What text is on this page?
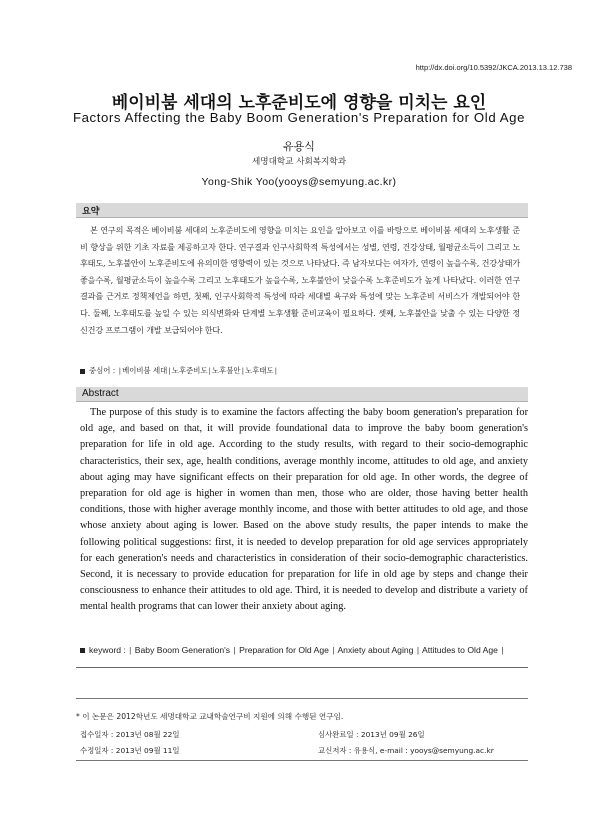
http://dx.doi.org/10.5392/JKCA.2013.13.12.738
베이비붐 세대의 노후준비도에 영향을 미치는 요인
Factors Affecting the Baby Boom Generation's Preparation for Old Age
유용식
세명대학교 사회복지학과
Yong-Shik Yoo(yooys@semyung.ac.kr)
요약
본 연구의 목적은 베이비붐 세대의 노후준비도에 영향을 미치는 요인을 알아보고 이를 바탕으로 베이비붐 세대의 노후생활 준비 향상을 위한 기초 자료를 제공하고자 한다. 연구결과 인구사회학적 특성에서는 성별, 연령, 건강상태, 월평균소득이 그리고 노후태도, 노후불안이 노후준비도에 유의미한 영향력이 있는 것으로 나타났다. 즉 남자보다는 여자가, 연령이 높을수록, 건강상태가 좋을수록, 월평균소득이 높을수록 그리고 노후태도가 높을수록, 노후불안이 낮을수록 노후준비도가 높게 나타났다. 이러한 연구결과를 근거로 정책제언을 하면, 첫째, 인구사회학적 특성에 따라 세대별 욕구와 특성에 맞는 노후준비 서비스가 개발되어야 한다. 둘째, 노후태도를 높일 수 있는 의식변화와 단계별 노후생활 준비교육이 필요하다. 셋째, 노후불안을 낮출 수 있는 다양한 정신건강 프로그램이 개발 보급되어야 한다.
중심어 : |베이비붐 세대|노후준비도|노후불안|노후태도|
Abstract
The purpose of this study is to examine the factors affecting the baby boom generation's preparation for old age, and based on that, it will provide foundational data to improve the baby boom generation's preparation for life in old age. According to the study results, with regard to their socio-demographic characteristics, their sex, age, health conditions, average monthly income, attitudes to old age, and anxiety about aging may have significant effects on their preparation for old age. In other words, the degree of preparation for old age is higher in women than men, those who are older, those having better health conditions, those with higher average monthly income, and those with better attitudes to old age, and those whose anxiety about aging is lower. Based on the above study results, the paper intends to make the following political suggestions: first, it is needed to develop preparation for old age services appropriately for each generation's needs and characteristics in consideration of their socio-demographic characteristics. Second, it is necessary to provide education for preparation for life in old age by steps and change their consciousness to enhance their attitudes to old age. Third, it is needed to develop and distribute a variety of mental health programs that can lower their anxiety about aging.
keyword : | Baby Boom Generation's | Preparation for Old Age | Anxiety about Aging | Attitudes to Old Age |
* 이 논문은 2012학년도 세명대학교 교내학술연구비 지원에 의해 수행된 연구임.
접수일자 : 2013년 08월 22일
수정일자 : 2013년 09월 11일
심사완료일 : 2013년 09월 26일
교신저자 : 유용식, e-mail : yooys@semyung.ac.kr
